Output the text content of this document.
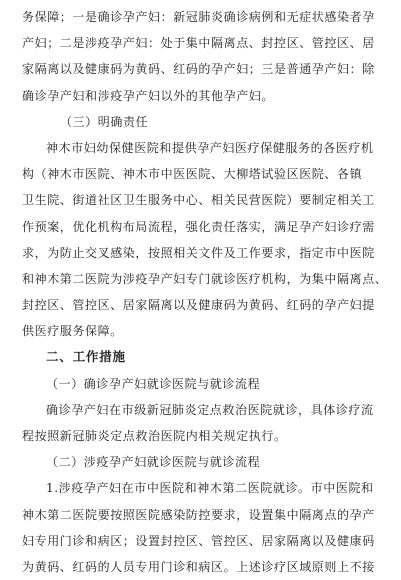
务保障；一是确诊孕产妇：新冠肺炎确诊病例和无症状感染者孕
产妇；二是涉疫孕产妇：处于集中隔离点、封控区、管控区、居
家隔离以及健康码为黄码、红码的孕产妇；三是普通孕产妇：除
确诊孕产妇和涉疫孕产妇以外的其他孕产妇。
（三）明确责任
神木市妇幼保健医院和提供孕产妇医疗保健服务的各医疗机
构（神木市医院、神木市中医医院、大柳塔试验区医院、各镇
卫生院、街道社区卫生服务中心、相关民营医院）要制定相关工
作预案，优化机构布局流程，强化责任落实，满足孕产妇诊疗需
求，为防止交叉感染，按照相关文件及工作要求，指定市中医院
和神木第二医院为涉疫孕产妇专门就诊医疗机构，为集中隔离点、
封控区、管控区、居家隔离以及健康码为黄码、红码的孕产妇提
供医疗服务保障。
二、工作措施
（一）确诊孕产妇就诊医院与就诊流程
确诊孕产妇在市级新冠肺炎定点救治医院就诊，具体诊疗流
程按照新冠肺炎定点救治医院内相关规定执行。
（二）涉疫孕产妇就诊医院与就诊流程
1.涉疫孕产妇在市中医院和神木第二医院就诊。市中医院和
神木第二医院要按照医院感染防控要求，设置集中隔离点的孕产
妇专用门诊和病区；设置封控区、管控区、居家隔离以及健康码
为黄码、红码的人员专用门诊和病区。上述诊疗区域原则上不接
